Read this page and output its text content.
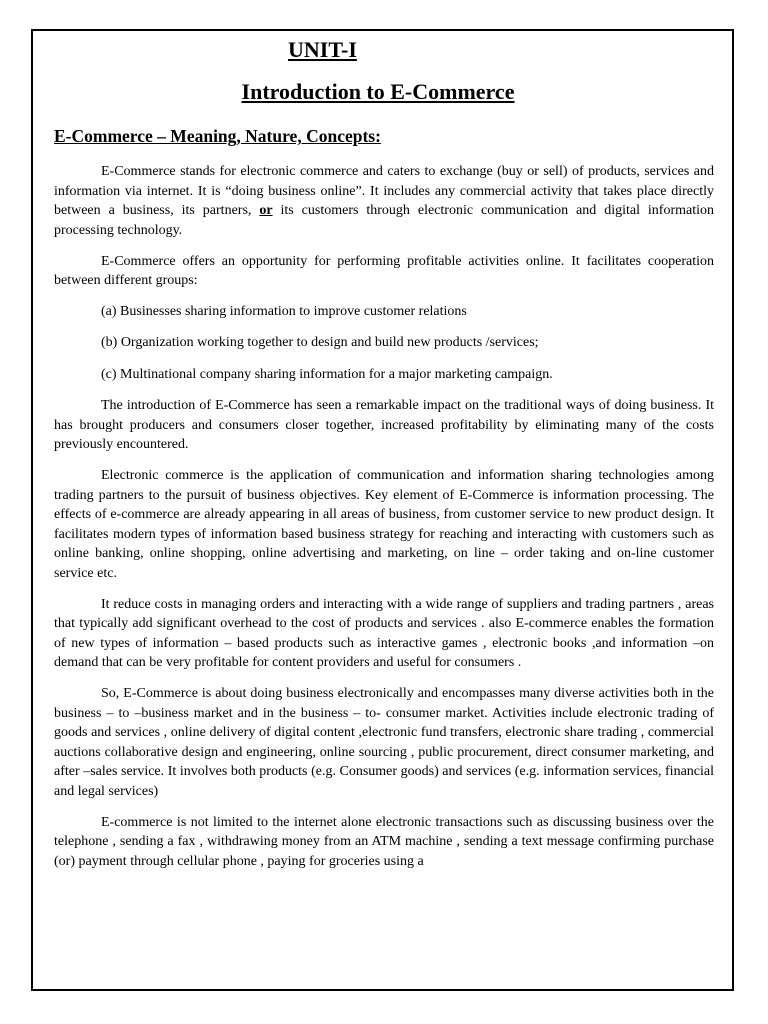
UNIT-I
Introduction to E-Commerce
E-Commerce – Meaning, Nature, Concepts:

E-Commerce stands for electronic commerce and caters to exchange (buy or sell) of products, services and information via internet. It is “doing business online”. It includes any commercial activity that takes place directly between a business, its partners, or its customers through electronic communication and digital information processing technology.

E-Commerce offers an opportunity for performing profitable activities online. It facilitates cooperation between different groups:

(a) Businesses sharing information to improve customer relations

(b) Organization working together to design and build new products /services;

(c) Multinational company sharing information for a major marketing campaign.

The introduction of E-Commerce has seen a remarkable impact on the traditional ways of doing business. It has brought producers and consumers closer together, increased profitability by eliminating many of the costs previously encountered.

Electronic commerce is the application of communication and information sharing technologies among trading partners to the pursuit of business objectives. Key element of E-Commerce is information processing. The effects of e-commerce are already appearing in all areas of business, from customer service to new product design. It facilitates modern types of information based business strategy for reaching and interacting with customers such as online banking, online shopping, online advertising and marketing, on line – order taking and on-line customer service etc.

It reduce costs in managing orders and interacting with a wide range of suppliers and trading partners , areas that typically add significant overhead to the cost of products and services . also E-commerce enables the formation of new types of information – based products such as interactive games , electronic books ,and information –on demand that can be very profitable for content providers and useful for consumers .

So, E-Commerce is about doing business electronically and encompasses many diverse activities both in the business – to –business market and in the business – to- consumer market. Activities include electronic trading of goods and services , online delivery of digital content ,electronic fund transfers, electronic share trading , commercial auctions collaborative design and engineering, online sourcing , public procurement, direct consumer marketing, and after –sales service. It involves both products (e.g. Consumer goods) and services (e.g. information services, financial and legal services)

E-commerce is not limited to the internet alone electronic transactions such as discussing business over the telephone , sending a fax , withdrawing money from an ATM machine , sending a text message confirming purchase (or) payment through cellular phone , paying for groceries using a
